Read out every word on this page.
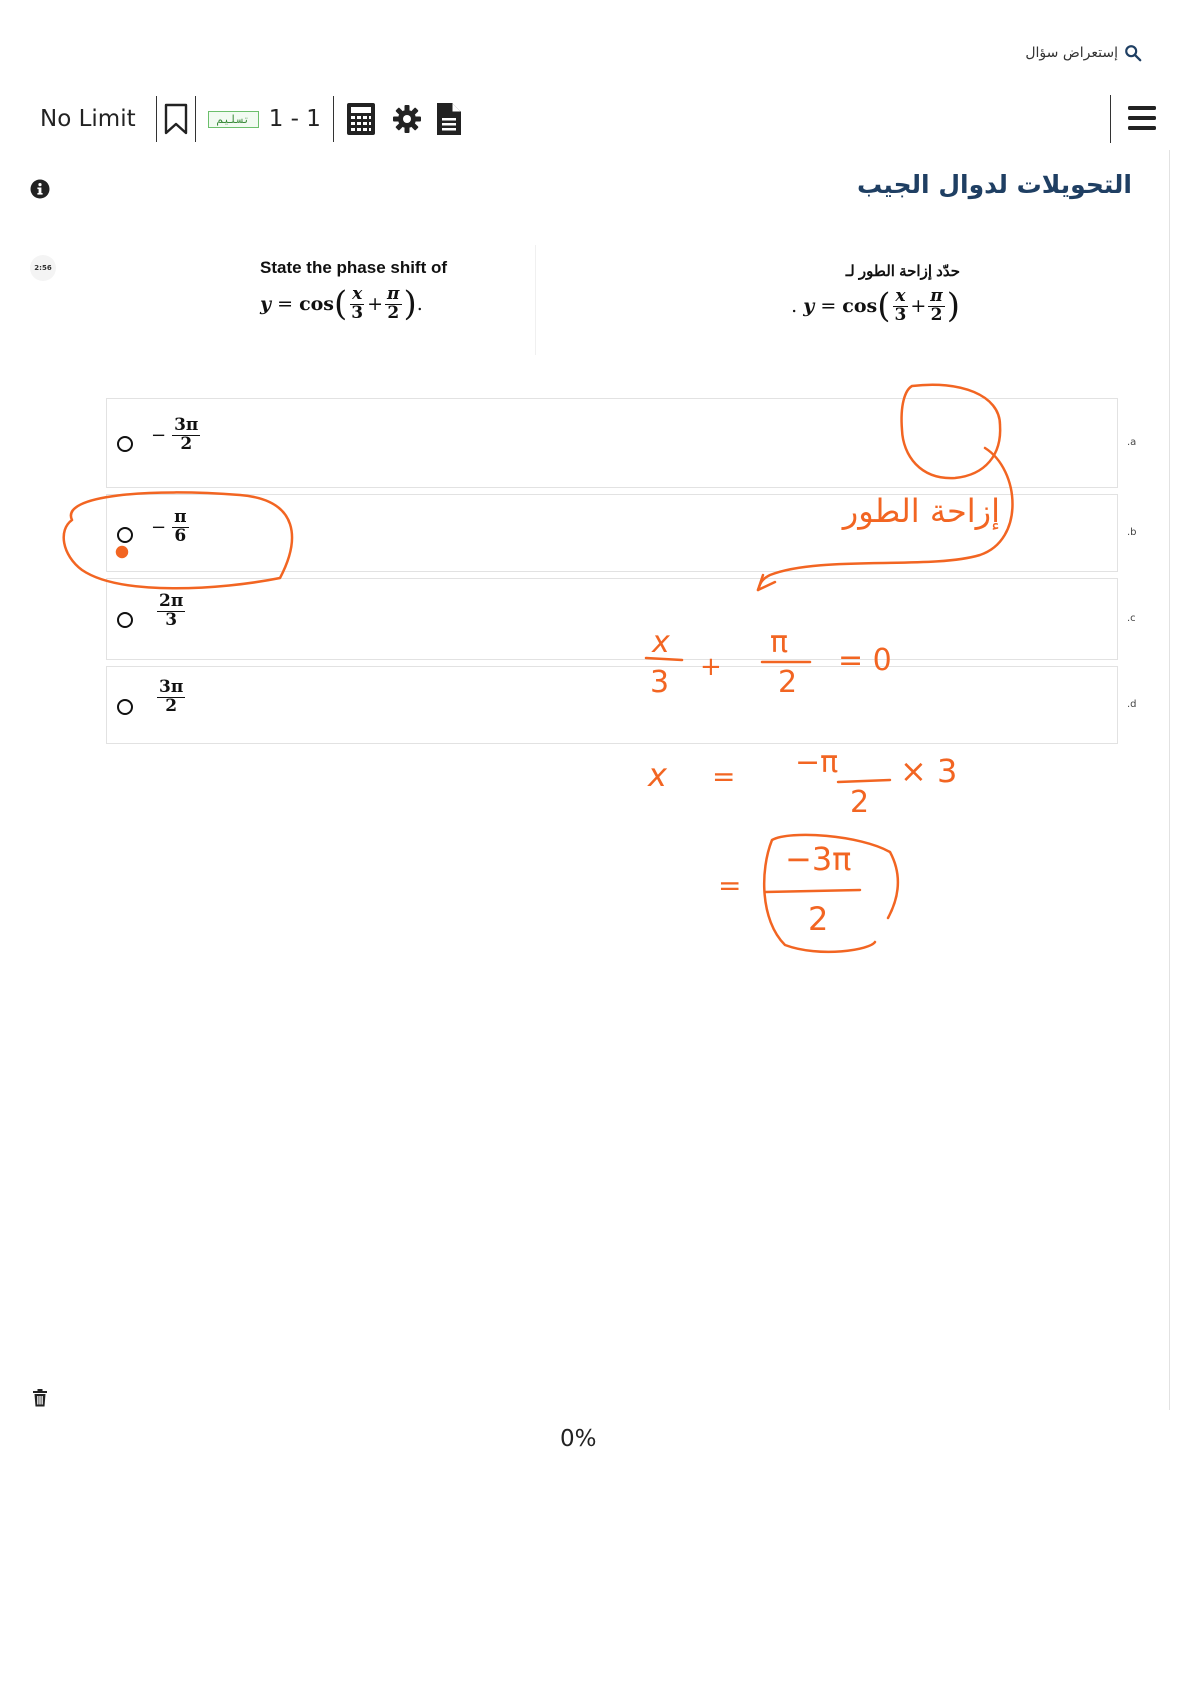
إستعراض سؤال
No Limit	تسليم 1 - 1
التحويلات لدوال الجيب
2:56	State the phase shift of
y
=
cos ( $\frac{x}{3} + \frac{\pi}{2}$ ) .
حدّد إزاحة الطور لـ
.
y
=
cos ( $\frac{x}{3} + \frac{\pi}{2}$ )
− $\frac{3\pi}{2}$	.a
− $\frac{\pi}{6}$	.b
$\frac{2\pi}{3}$	.c
$\frac{3\pi}{2}$	.d
0%
إزاحة الطور
x
3 +
π
2
= 0
x = −π
2
× 3
=
−3π
2
